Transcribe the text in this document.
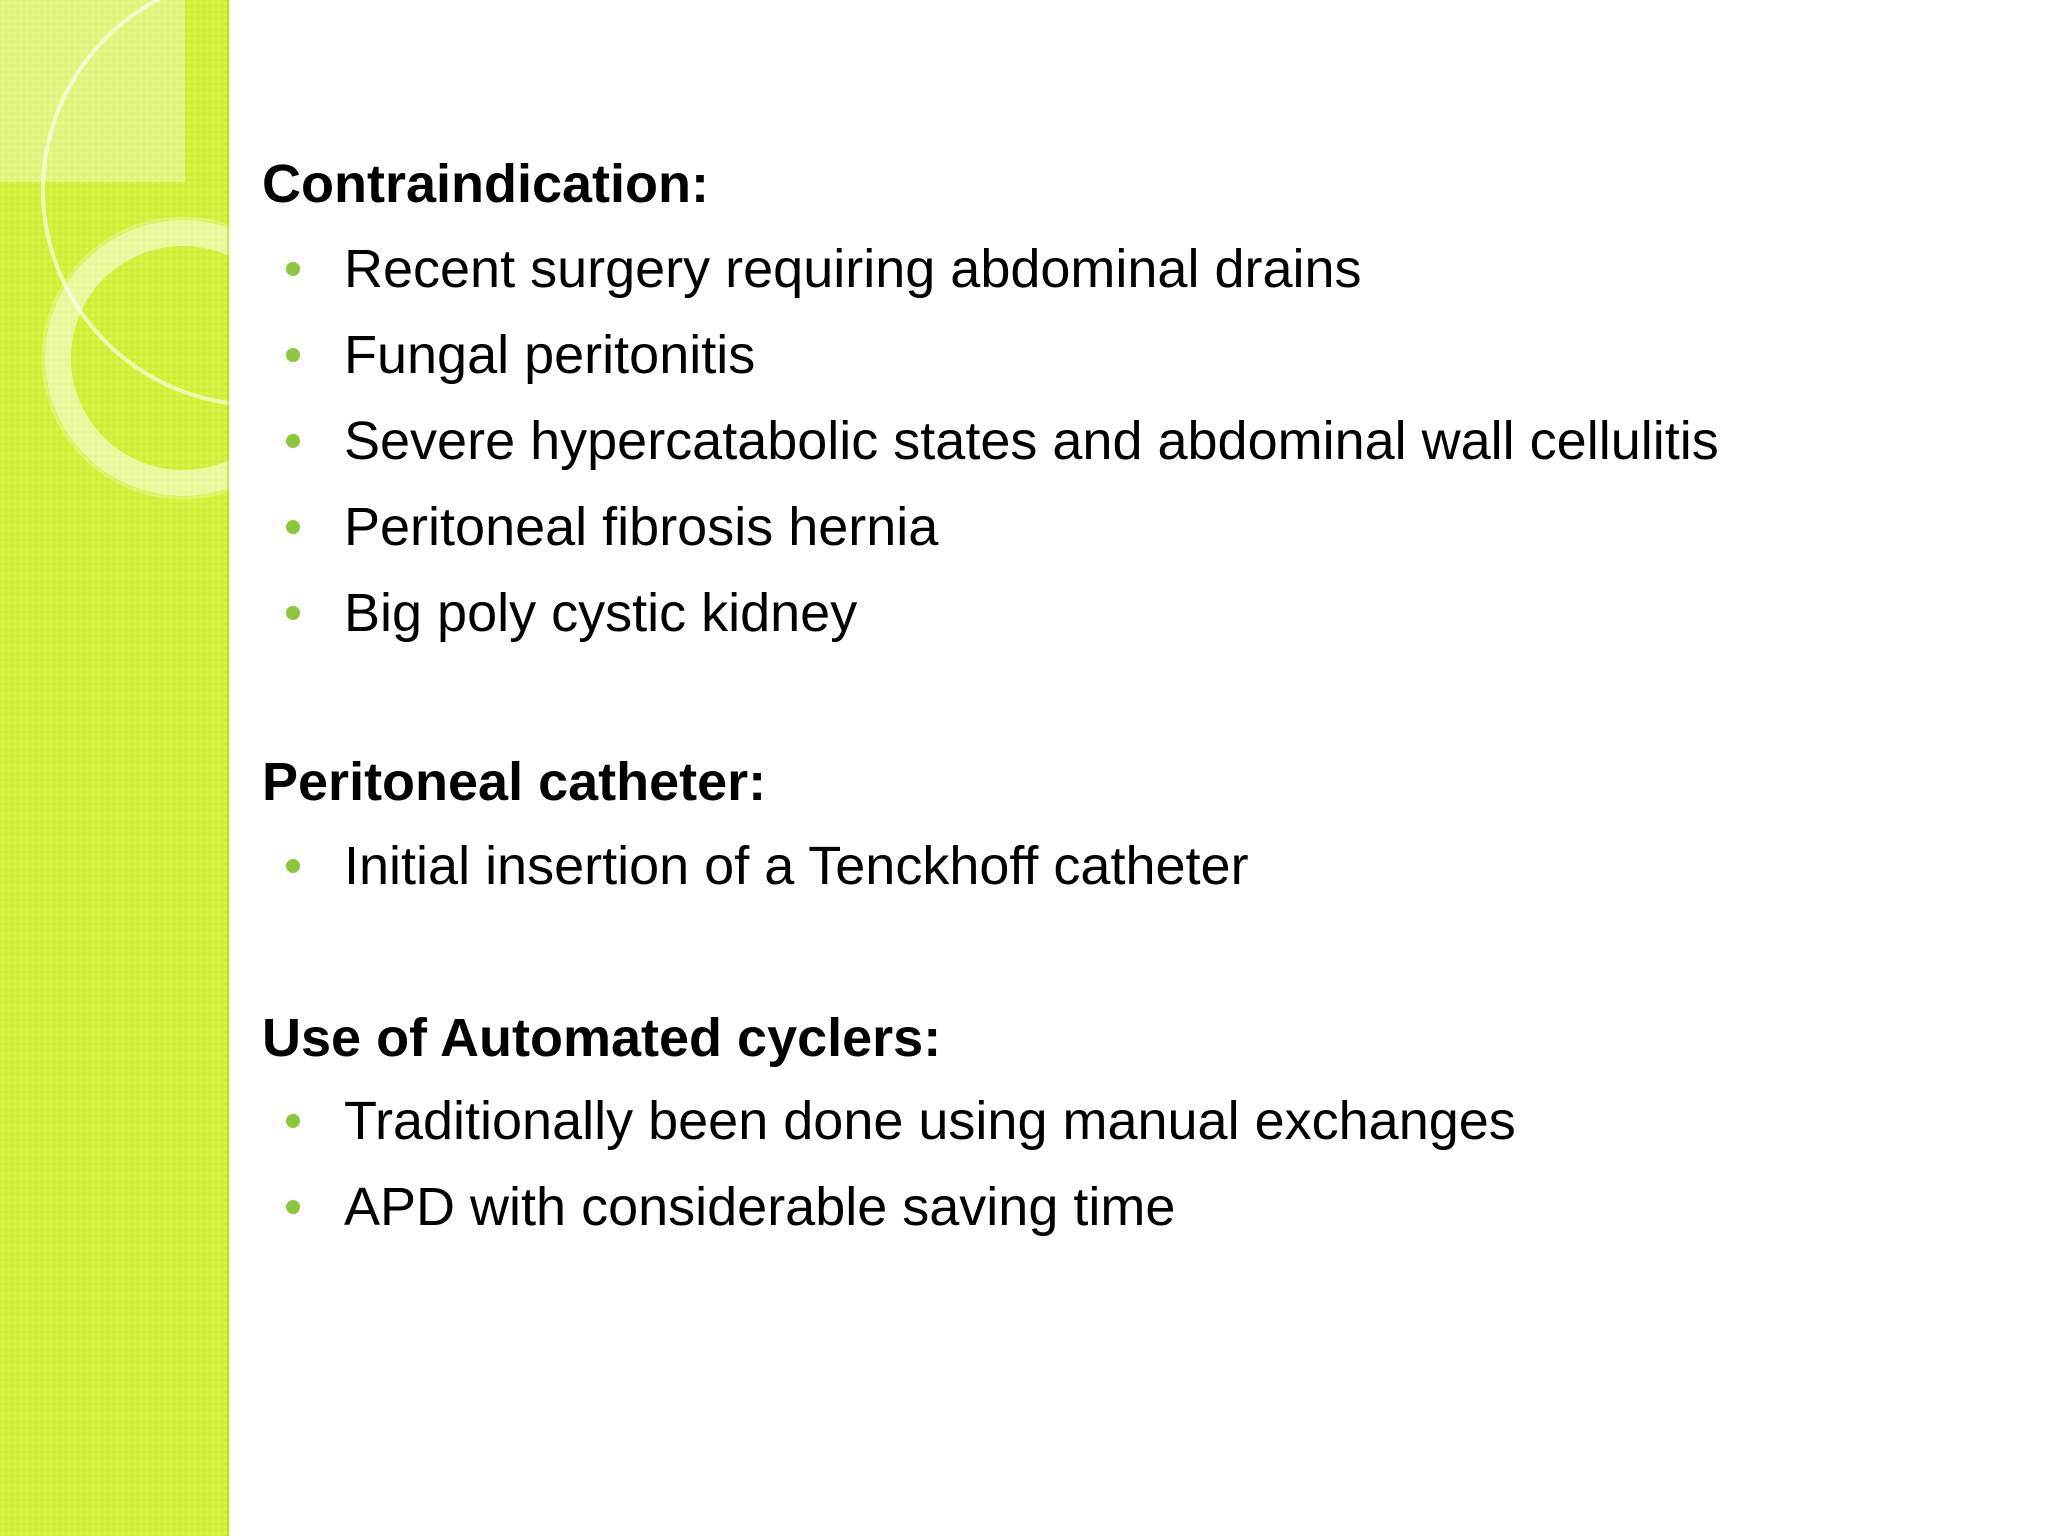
Contraindication:
Recent surgery requiring abdominal drains
Fungal peritonitis
Severe hypercatabolic states and abdominal wall cellulitis
Peritoneal fibrosis hernia
Big poly cystic kidney
Peritoneal catheter:
Initial insertion of a Tenckhoff catheter
Use of Automated cyclers:
Traditionally been done using manual exchanges
APD with considerable saving time
